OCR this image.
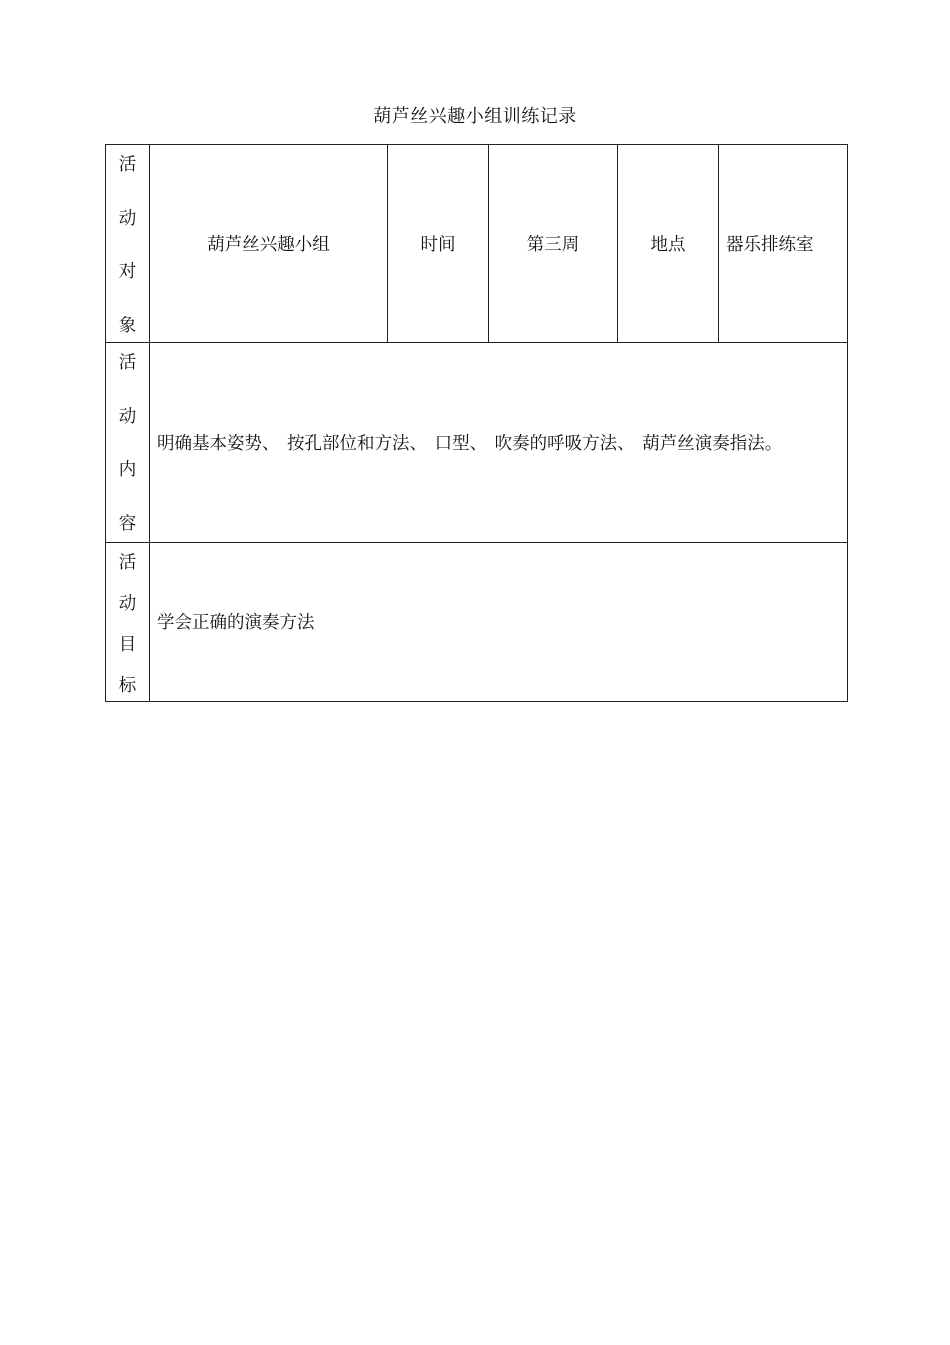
葫芦丝兴趣小组训练记录
活
动
对
象	葫芦丝兴趣小组	时间	第三周	地点	器乐排练室

活
动
内
容	明确基本姿势、 按孔部位和方法、 口型、 吹奏的呼吸方法、 葫芦丝演奏指法。				

活
动
目
标	学会正确的演奏方法				
